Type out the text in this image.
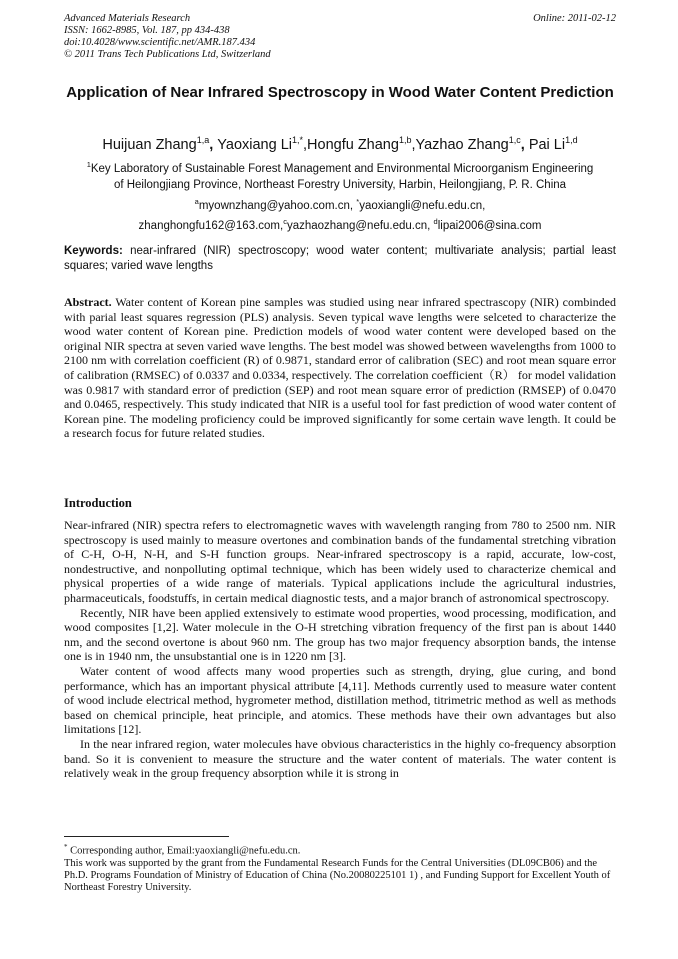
Advanced Materials Research
ISSN: 1662-8985, Vol. 187, pp 434-438
doi:10.4028/www.scientific.net/AMR.187.434
© 2011 Trans Tech Publications Ltd, Switzerland
Online: 2011-02-12
Application of Near Infrared Spectroscopy in Wood Water Content Prediction
Huijuan Zhang$^{1,a}$, Yaoxiang $Li^{1,*},Hongfu$ Zhang$^{1,b}$,Yazhao Zhang$^{1,c}$, Pai Li$^{1,d}$
$^1$Key Laboratory of Sustainable Forest Management and Environmental Microorganism Engineering
of Heilongjiang Province, Northeast Forestry University, Harbin, Heilongjiang, P. R. China
$^a$myownzhang@yahoo.com.cn, *yaoxiangli@nefu.edu.cn,
zhanghongfu162@163.com,$^c$yazhaozhang@nefu.edu.cn, $^d$lipai2006@sina.com
Keywords: near-infrared (NIR) spectroscopy; wood water content; multivariate analysis; partial least squares; varied wave lengths
Abstract. Water content of Korean pine samples was studied using near infrared spectrascopy (NIR) combinded with parial least squares regression (PLS) analysis. Seven typical wave lengths were selceted to characterize the wood water content of Korean pine. Prediction models of wood water content were developed based on the original NIR spectra at seven varied wave lengths. The best model was showed between wavelengths from 1000 to 2100 nm with correlation coefficient (R) of 0.9871, standard error of calibration (SEC) and root mean square error of calibration (RMSEC) of 0.0337 and 0.0334, respectively. The correlation coefficient（R） for model validation was 0.9817 with standard error of prediction (SEP) and root mean square error of prediction (RMSEP) of 0.0470 and 0.0465, respectively. This study indicated that NIR is a useful tool for fast prediction of wood water content of Korean pine. The modeling proficiency could be improved significantly for some certain wave length. It could be a research focus for future related studies.
Introduction

Near-infrared (NIR) spectra refers to electromagnetic waves with wavelength ranging from 780 to 2500 nm. NIR spectroscopy is used mainly to measure overtones and combination bands of the fundamental stretching vibration of C-H, O-H, N-H, and S-H function groups. Near-infrared spectroscopy is a rapid, accurate, low-cost, nondestructive, and nonpolluting optimal technique, which has been widely used to characterize chemical and physical properties of a wide range of materials. Typical applications include the agricultural industries, pharmaceuticals, foodstuffs, in certain medical diagnostic tests, and a major branch of astronomical spectroscopy.

Recently, NIR have been applied extensively to estimate wood properties, wood processing, modification, and wood composites [1,2]. Water molecule in the O-H stretching vibration frequency of the first pan is about 1440 nm, and the second overtone is about 960 nm. The group has two major frequency absorption bands, the intense one is in 1940 nm, the unsubstantial one is in 1220 nm [3].

Water content of wood affects many wood properties such as strength, drying, glue curing, and bond performance, which has an important physical attribute [4,11]. Methods currently used to measure water content of wood include electrical method, hygrometer method, distillation method, titrimetric method as well as methods based on chemical principle, heat principle, and atomics. These methods have their own advantages but also limitations [12].

In the near infrared region, water molecules have obvious characteristics in the highly co-frequency absorption band. So it is convenient to measure the structure and the water content of materials. The water content is relatively weak in the group frequency absorption while it is strong in

* Corresponding author, Email:yaoxiangli@nefu.edu.cn.

This work was supported by the grant from the Fundamental Research Funds for the Central Universities (DL09CB06) and the Ph.D. Programs Foundation of Ministry of Education of China (No.20080225101 1) , and Funding Support for Excellent Youth of Northeast Forestry University.
